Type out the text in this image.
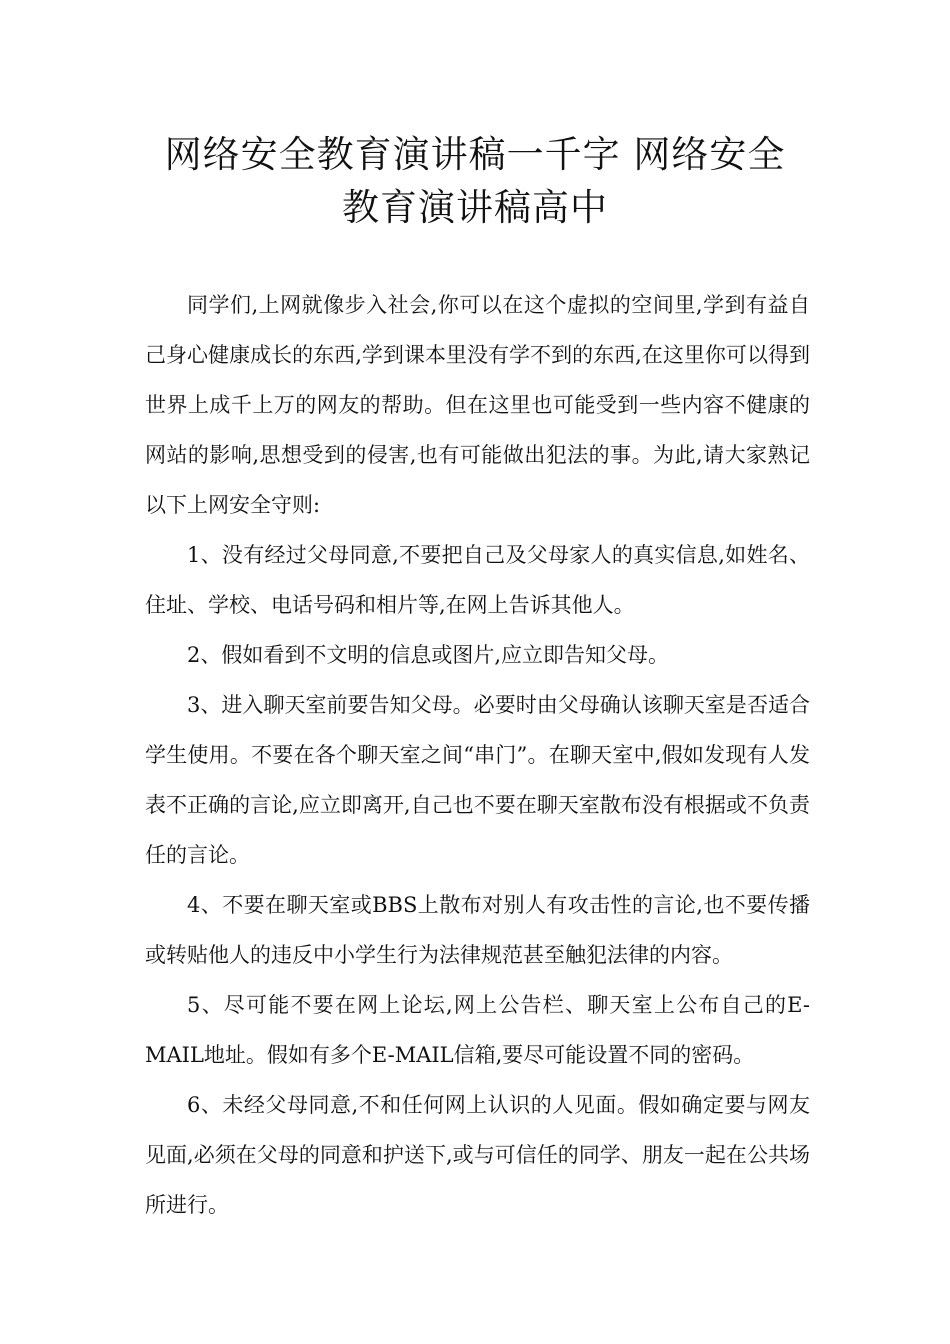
网络安全教育演讲稿一千字 网络安全
教育演讲稿高中

同学们,上网就像步入社会,你可以在这个虚拟的空间里,学到有益自己身心健康成长的东西,学到课本里没有学不到的东西,在这里你可以得到世界上成千上万的网友的帮助。但在这里也可能受到一些内容不健康的网站的影响,思想受到的侵害,也有可能做出犯法的事。为此,请大家熟记以下上网安全守则:

1、没有经过父母同意,不要把自己及父母家人的真实信息,如姓名、住址、学校、电话号码和相片等,在网上告诉其他人。

2、假如看到不文明的信息或图片,应立即告知父母。

3、进入聊天室前要告知父母。必要时由父母确认该聊天室是否适合学生使用。不要在各个聊天室之间“串门”。在聊天室中,假如发现有人发表不正确的言论,应立即离开,自己也不要在聊天室散布没有根据或不负责任的言论。

4、不要在聊天室或BBS上散布对别人有攻击性的言论,也不要传播或转贴他人的违反中小学生行为法律规范甚至触犯法律的内容。

5、尽可能不要在网上论坛,网上公告栏、聊天室上公布自己的E-MAIL地址。假如有多个E-MAIL信箱,要尽可能设置不同的密码。

6、未经父母同意,不和任何网上认识的人见面。假如确定要与网友见面,必须在父母的同意和护送下,或与可信任的同学、朋友一起在公共场所进行。
